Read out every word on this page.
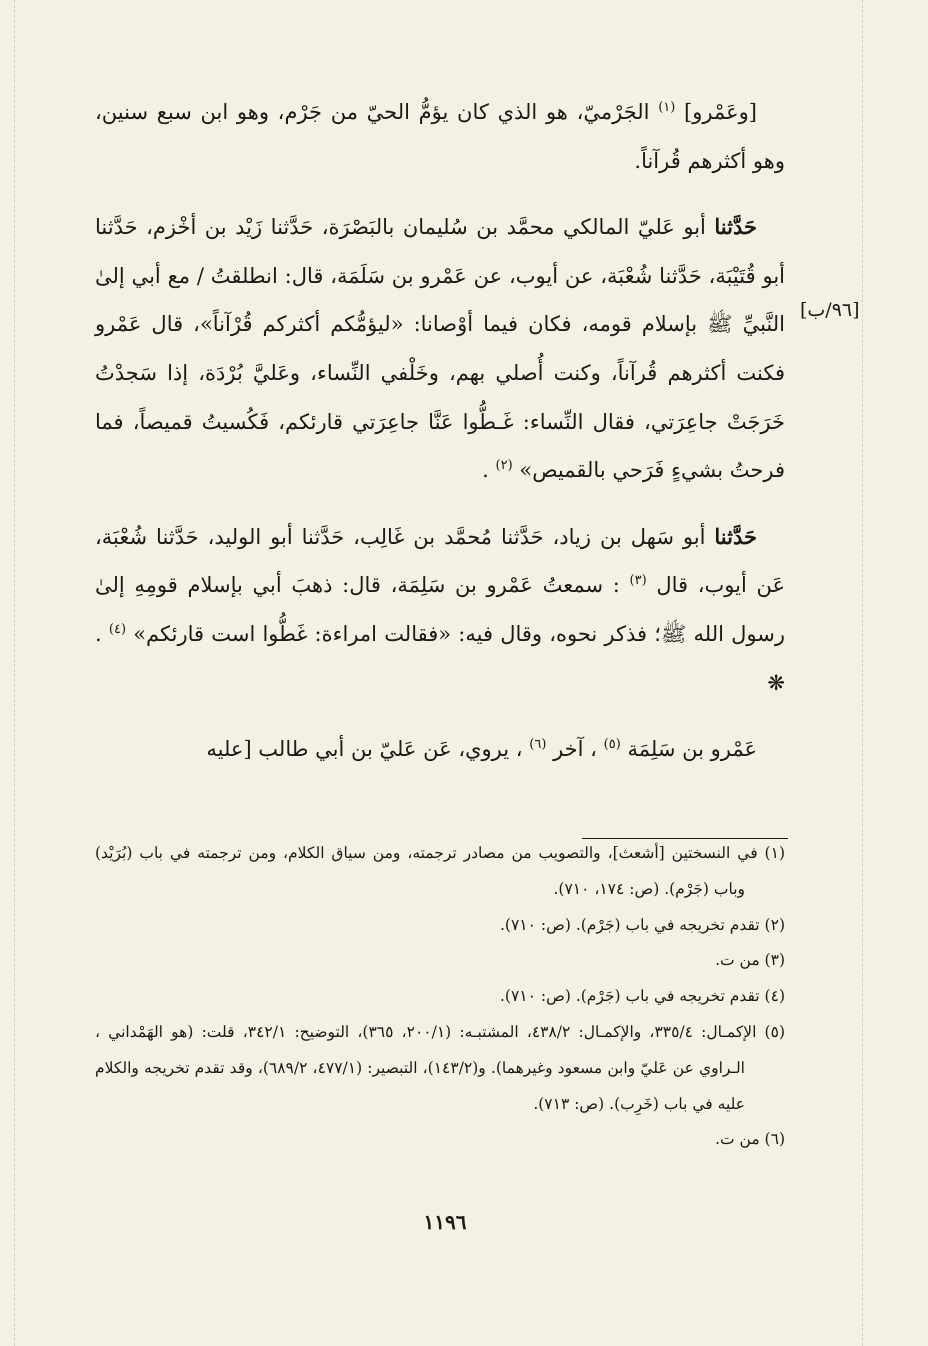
[٩٦/ب]

[وعَمْرو] $^{(١)}$ الجَرْميّ، هو الذي كان يؤمُّ الحيّ من جَرْم، وهو ابن سبع سنين، وهو أكثرهم قُرآناً.

حَدَّثنا أبو عَليّ المالكي محمَّد بن سُليمان بالبَصْرَة، حَدَّثنا زَيْد بن أخْزم، حَدَّثنا أبو قُتَيْبَة، حَدَّثنا شُعْبَة، عن أيوب، عن عَمْرو بن سَلَمَة، قال: انطلقتُ / مع أبي إلىٰ النَّبيِّ ﷺ بإسلام قومه، فكان فيما أوْصانا: «ليؤمُّكم أكثركم قُرْآناً»، قال عَمْرو فكنت أكثرهم قُرآناً، وكنت أُصلي بهم، وخَلْفي النِّساء، وعَليَّ بُرْدَة، إذا سَجدْتُ خَرَجَتْ جاعِرَتي، فقال النِّساء: غَـطُّوا عَنَّا جاعِرَتي قارئكم، فَكُسيتُ قميصاً، فما فرحتُ بشيءٍ فَرَحي بالقميص» $^{(٢)}$ .

حَدَّثنا أبو سَهل بن زياد، حَدَّثنا مُحمَّد بن غَالِب، حَدَّثنا أبو الوليد، حَدَّثنا شُعْبَة، عَن أيوب، قال $^{(٣)}$ : سمعتُ عَمْرو بن سَلِمَة، قال: ذهبَ أبي بإسلام قومِهِ إلىٰ رسول الله ﷺ؛ فذكر نحوه، وقال فيه: «فقالت امراءة: غَطُّوا است قارئكم» $^{(٤)}$ . ❋

عَمْرو بن سَلِمَة $^{(٥)}$ ، آخر $^{(٦)}$ ، يروي، عَن عَليّ بن أبي طالب [عليه

(١) في النسختين [أشعث]، والتصويب من مصادر ترجمته، ومن سياق الكلام، ومن ترجمته في باب (بُرَيْد) وباب (جَرْم). (ص: ١٧٤، ٧١٠).

(٢) تقدم تخريجه في باب (جَرْم). (ص: ٧١٠).

(٣) من ت.

(٤) تقدم تخريجه في باب (جَرْم). (ص: ٧١٠).

(٥) الإكمـال: ٣٣٥/٤، والإكمـال: ٤٣٨/٢، المشتبـه: (٢٠٠/١، ٣٦٥)، التوضيح: ٣٤٢/١، قلت: (هو الهَمْداني ، الـراوي عن عَليّ وابن مسعود وغيرهما). و(١٤٣/٢)، التبصير: (٤٧٧/١، ٦٨٩/٢)، وقد تقدم تخريجه والكلام عليه في باب (خَرِب). (ص: ٧١٣).

(٦) من ت.

١١٩٦
